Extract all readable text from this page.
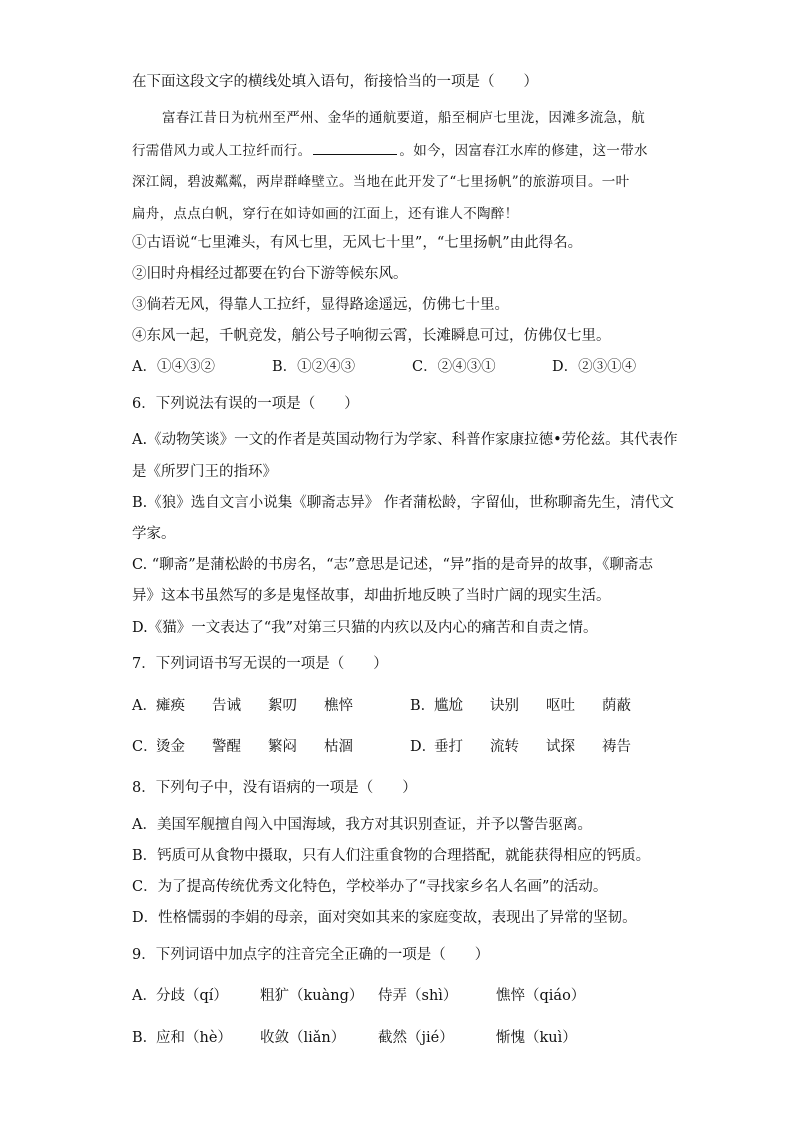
在下面这段文字的横线处填入语句，衔接恰当的一项是（　　）
富春江昔日为杭州至严州、金华的通航要道，船至桐庐七里泷，因滩多流急，航
行需借风力或人工拉纤而行。	。如今，因富春江水库的修建，这一带水
深江阔，碧波粼粼，两岸群峰壁立。当地在此开发了“七里扬帆”的旅游项目。一叶
扁舟，点点白帆，穿行在如诗如画的江面上，还有谁人不陶醉！
①古语说“七里滩头，有风七里，无风七十里”，“七里扬帆”由此得名。
②旧时舟楫经过都要在钓台下游等候东风。
③倘若无风，得靠人工拉纤，显得路途遥远，仿佛七十里。
④东风一起，千帆竞发，艄公号子响彻云霄，长滩瞬息可过，仿佛仅七里。
A．①④③②	B．①②④③	C．②④③①	D．②③①④
6．下列说法有误的一项是（　　）
A.《动物笑谈》一文的作者是英国动物行为学家、科普作家康拉德•劳伦兹。其代表作
是《所罗门王的指环》
B.《狼》选自文言小说集《聊斋志异》 作者蒲松龄，字留仙，世称聊斋先生，清代文
学家。
C. “聊斋”是蒲松龄的书房名，“志”意思是记述，“异”指的是奇异的故事，《聊斋志
异》这本书虽然写的多是鬼怪故事，却曲折地反映了当时广阔的现实生活。
D.《猫》一文表达了“我”对第三只猫的内疚以及内心的痛苦和自责之情。
7．下列词语书写无误的一项是（　　）
A．瘫痪 告诫 絮叨 樵悴	B．尴尬 诀别 呕吐 荫蔽
C．烫金 警醒 繁闷 枯涸	D．垂打 流转 试探 祷告
8．下列句子中，没有语病的一项是（　　）
A．美国军舰擅自闯入中国海域，我方对其识别查证，并予以警告驱离。
B．钙质可从食物中摄取，只有人们注重食物的合理搭配，就能获得相应的钙质。
C．为了提高传统优秀文化特色，学校举办了“寻找家乡名人名画”的活动。
D．性格懦弱的李娟的母亲，面对突如其来的家庭变故，表现出了异常的坚韧。
9．下列词语中加点字的注音完全正确的一项是（　　）
A．分歧（qí） 粗犷（kuàng） 侍弄（shì）	憔悴（qiáo）
B．应和（hè） 收敛（liǎn） 截然（jié）	惭愧（kuì）
